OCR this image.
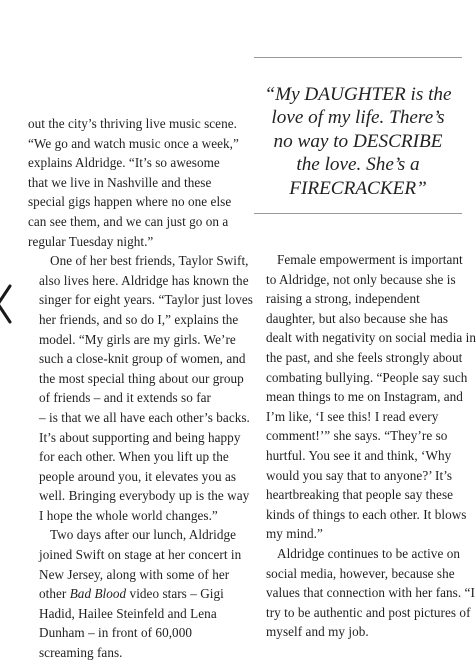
out the city’s thriving live music scene.
“We go and watch music once a week,”
explains Aldridge. “It’s so awesome
that we live in Nashville and these
special gigs happen where no one else
can see them, and we can just go on a
regular Tuesday night.”

One of her best friends, Taylor Swift,
also lives here. Aldridge has known the
singer for eight years. “Taylor just loves
her friends, and so do I,” explains the
model. “My girls are my girls. We’re
such a close-knit group of women, and
the most special thing about our group
of friends – and it extends so far
– is that we all have each other’s backs.
It’s about supporting and being happy
for each other. When you lift up the
people around you, it elevates you as
well. Bringing everybody up is the way
I hope the whole world changes.”

Two days after our lunch, Aldridge
joined Swift on stage at her concert in
New Jersey, along with some of her
other Bad Blood video stars – Gigi
Hadid, Hailee Steinfeld and Lena
Dunham – in front of 60,000
screaming fans.

“My DAUGHTER is the
love of my life. There’s
no way to DESCRIBE
the love. She’s a
FIRECRACKER”

Female empowerment is important
to Aldridge, not only because she is
raising a strong, independent
daughter, but also because she has
dealt with negativity on social media in
the past, and she feels strongly about
combating bullying. “People say such
mean things to me on Instagram, and
I’m like, ‘I see this! I read every
comment!’” she says. “They’re so
hurtful. You see it and think, ‘Why
would you say that to anyone?’ It’s
heartbreaking that people say these
kinds of things to each other. It blows
my mind.”

Aldridge continues to be active on
social media, however, because she
values that connection with her fans. “I
try to be authentic and post pictures of
myself and my job.
